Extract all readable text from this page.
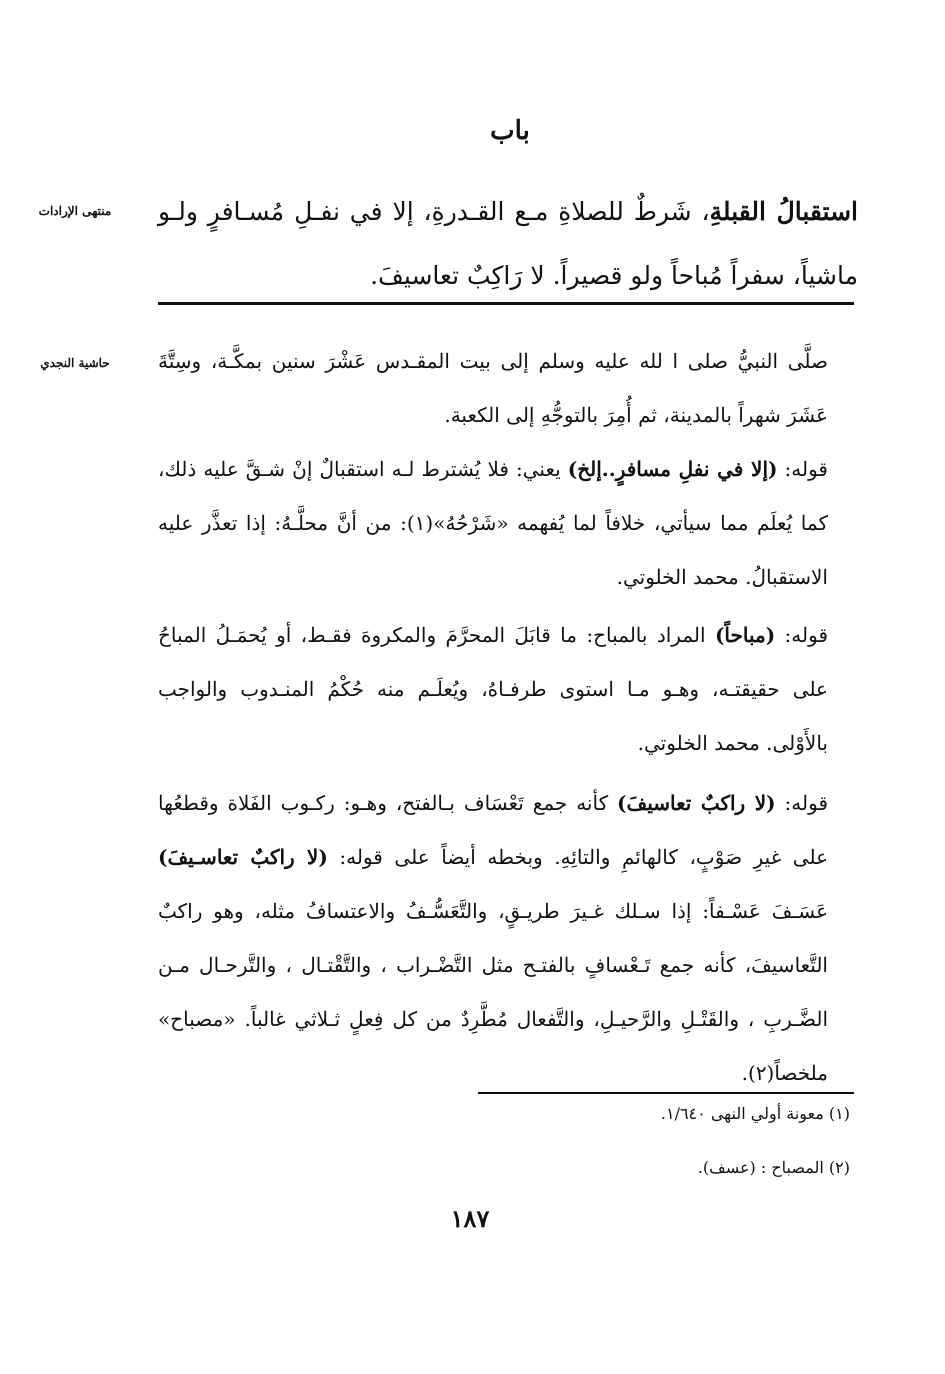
باب
منتهى الإرادات	استقبالُ القبلةِ، شَرطٌ للصلاةِ مـع القـدرةِ، إلا في نفـلِ مُسـافرٍ ولـو ماشياً، سفراً مُباحاً ولو قصيراً. لا رَاكِبٌ تعاسيفَ.
حاشية النجدي	صلَّى النبيُّ صلى ا لله عليه وسلم إلى بيت المقـدس عَشْرَ سنين بمكَّـة، وسِتَّةَ عَشَرَ شهراً بالمدينة، ثم أُمِرَ بالتوجُّهِ إلى الكعبة.

قوله: (إلا في نفلِ مسافرٍ..إلخ) يعني: فلا يُشترط لـه استقبالٌ إنْ شـقَّ عليه ذلك، كما يُعلَم مما سيأتي، خلافاً لما يُفهمه «شَرْحُهُ»(١): من أنَّ محلَّـهُ: إذا تعذَّر عليه الاستقبالُ. محمد الخلوتي.

قوله: (مباحاً) المراد بالمباح: ما قابَلَ المحرَّمَ والمكروهَ فقـط، أو يُحمَـلُ المباحُ على حقيقتـه، وهـو مـا استوى طرفـاهُ، ويُعلَـم منه حُكْمُ المنـدوب والواجب بالأَوْلى. محمد الخلوتي.

قوله: (لا راكبٌ تعاسيفَ) كأنه جمع تَعْسَاف بـالفتح، وهـو: ركـوب الفَلاة وقطعُها على غيرِ صَوْبٍ، كالهائمِ والتائِهِ. وبخطه أيضاً على قوله: (لا راكبٌ تعاسـيفَ) عَسَـفَ عَسْـفاً: إذا سـلك غـيرَ طريـقٍ، والتَّعَسُّـفُ والاعتسافُ مثله، وهو راكبٌ التَّعاسيفَ، كأنه جمع تَـعْسافٍ بالفتـح مثل التَّضْـراب ، والتَّقْتـال ، والتَّرحـال مـن الضَّـربِ ، والقَتْـلِ والرَّحيـلِ، والتَّفعال مُطَّرِدٌ من كل فِعلٍ ثـلاثي غالباً. «مصباح» ملخصاً(٢).

(١) معونة أولي النهى ١/٦٤٠.
(٢) المصباح : (عسف).
١٨٧
